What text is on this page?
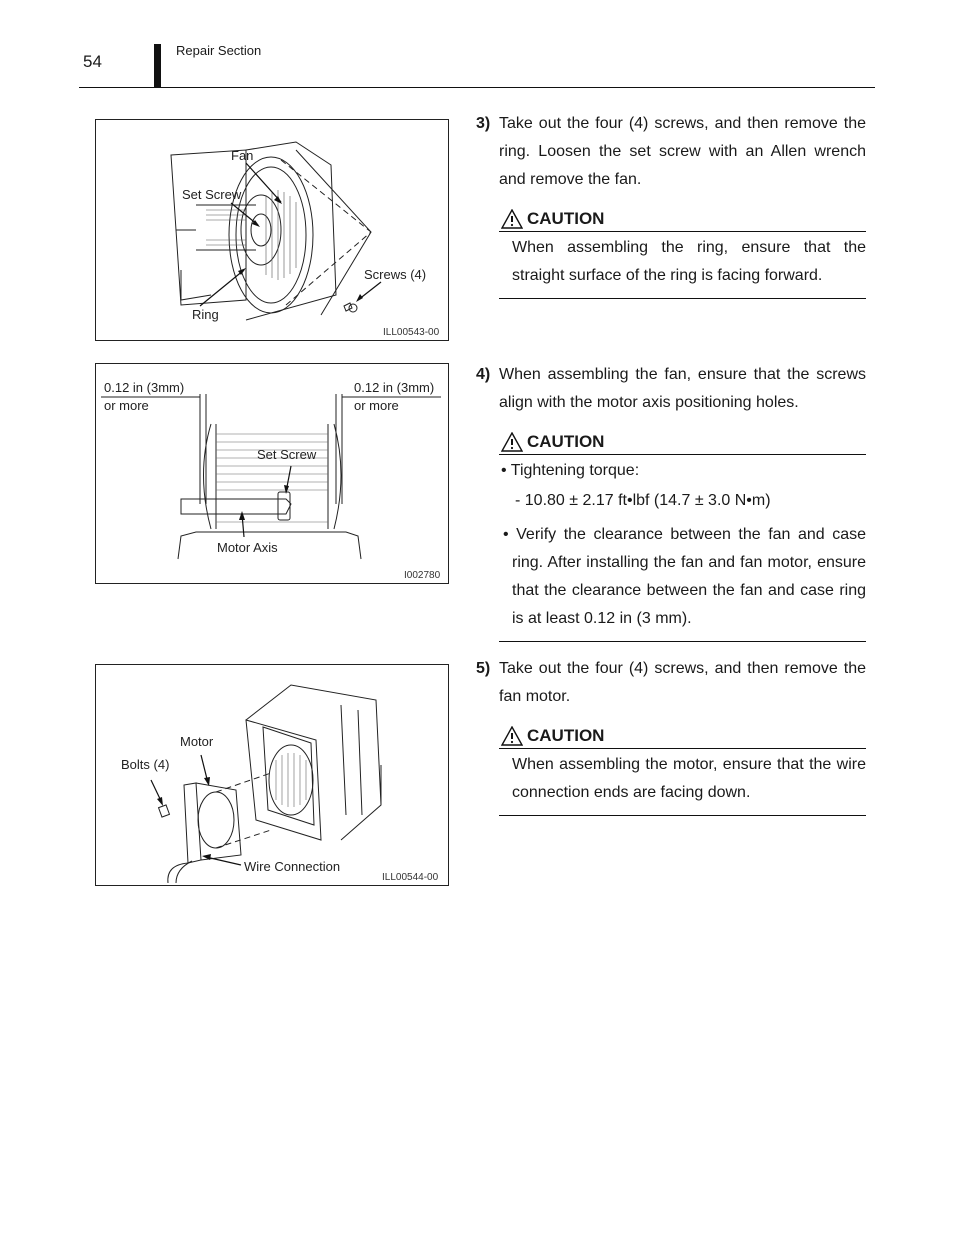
54
Repair Section
Fan
Set Screw
Screws (4)
Ring
ILL00543-00
0.12 in (3mm)
or more
0.12 in (3mm)
or more
Set Screw
Motor Axis
I002780
Motor
Bolts (4)
Wire Connection
ILL00544-00
3) Take out the four (4) screws, and then remove the ring. Loosen the set screw with an Allen wrench and remove the fan.
CAUTION
When assembling the ring, ensure that the straight surface of the ring is facing forward.
4) When assembling the fan, ensure that the screws align with the motor axis positioning holes.
CAUTION
• Tightening torque:
- 10.80 ± 2.17 ft•lbf (14.7 ± 3.0 N•m)
• Verify the clearance between the fan and case ring. After installing the fan and fan motor, ensure that the clearance between the fan and case ring is at least 0.12 in (3 mm).
5) Take out the four (4) screws, and then remove the fan motor.
CAUTION
When assembling the motor, ensure that the wire connection ends are facing down.
